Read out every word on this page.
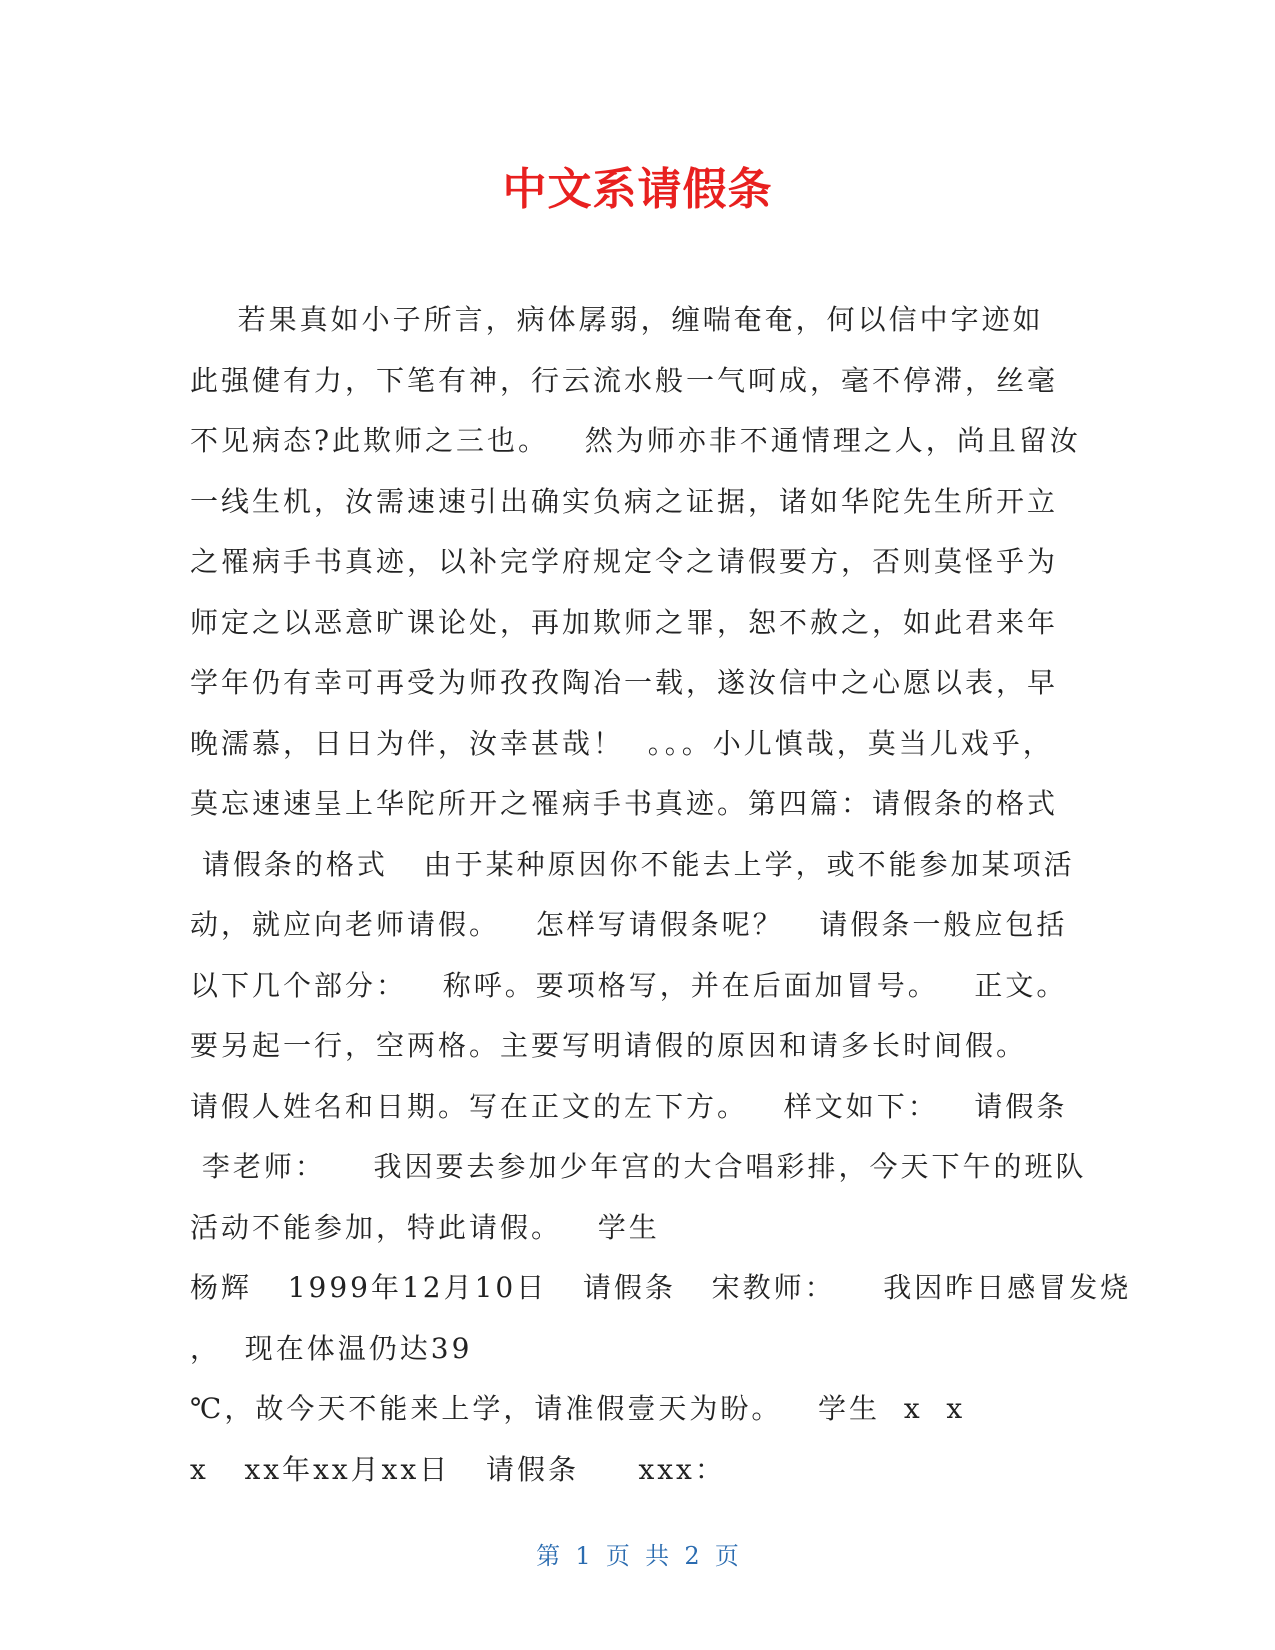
中文系请假条
若果真如小子所言，病体孱弱，缠喘奄奄，何以信中字迹如
此强健有力，下笔有神，行云流水般一气呵成，毫不停滞，丝毫
不见病态?此欺师之三也。   然为师亦非不通情理之人，尚且留汝
一线生机，汝需速速引出确实负病之证据，诸如华陀先生所开立
之罹病手书真迹，以补完学府规定令之请假要方，否则莫怪乎为
师定之以恶意旷课论处，再加欺师之罪，恕不赦之，如此君来年
学年仍有幸可再受为师孜孜陶冶一载，遂汝信中之心愿以表，早
晚濡慕，日日为伴，汝幸甚哉！  。。。小儿慎哉，莫当儿戏乎，
莫忘速速呈上华陀所开之罹病手书真迹。第四篇：请假条的格式
请假条的格式   由于某种原因你不能去上学，或不能参加某项活
动，就应向老师请假。   怎样写请假条呢？   请假条一般应包括
以下几个部分：   称呼。要项格写，并在后面加冒号。   正文。
要另起一行，空两格。主要写明请假的原因和请多长时间假。
请假人姓名和日期。写在正文的左下方。   样文如下：   请假条
李老师：    我因要去参加少年宫的大合唱彩排，今天下午的班队
活动不能参加，特此请假。   学生
杨辉   1999年12月10日   请假条   宋教师：    我因昨日感冒发烧
，  现在体温仍达39
℃，故今天不能来上学，请准假壹天为盼。   学生  x  x
x   xx年xx月xx日   请假条     xxx：
第  1  页  共  2  页
